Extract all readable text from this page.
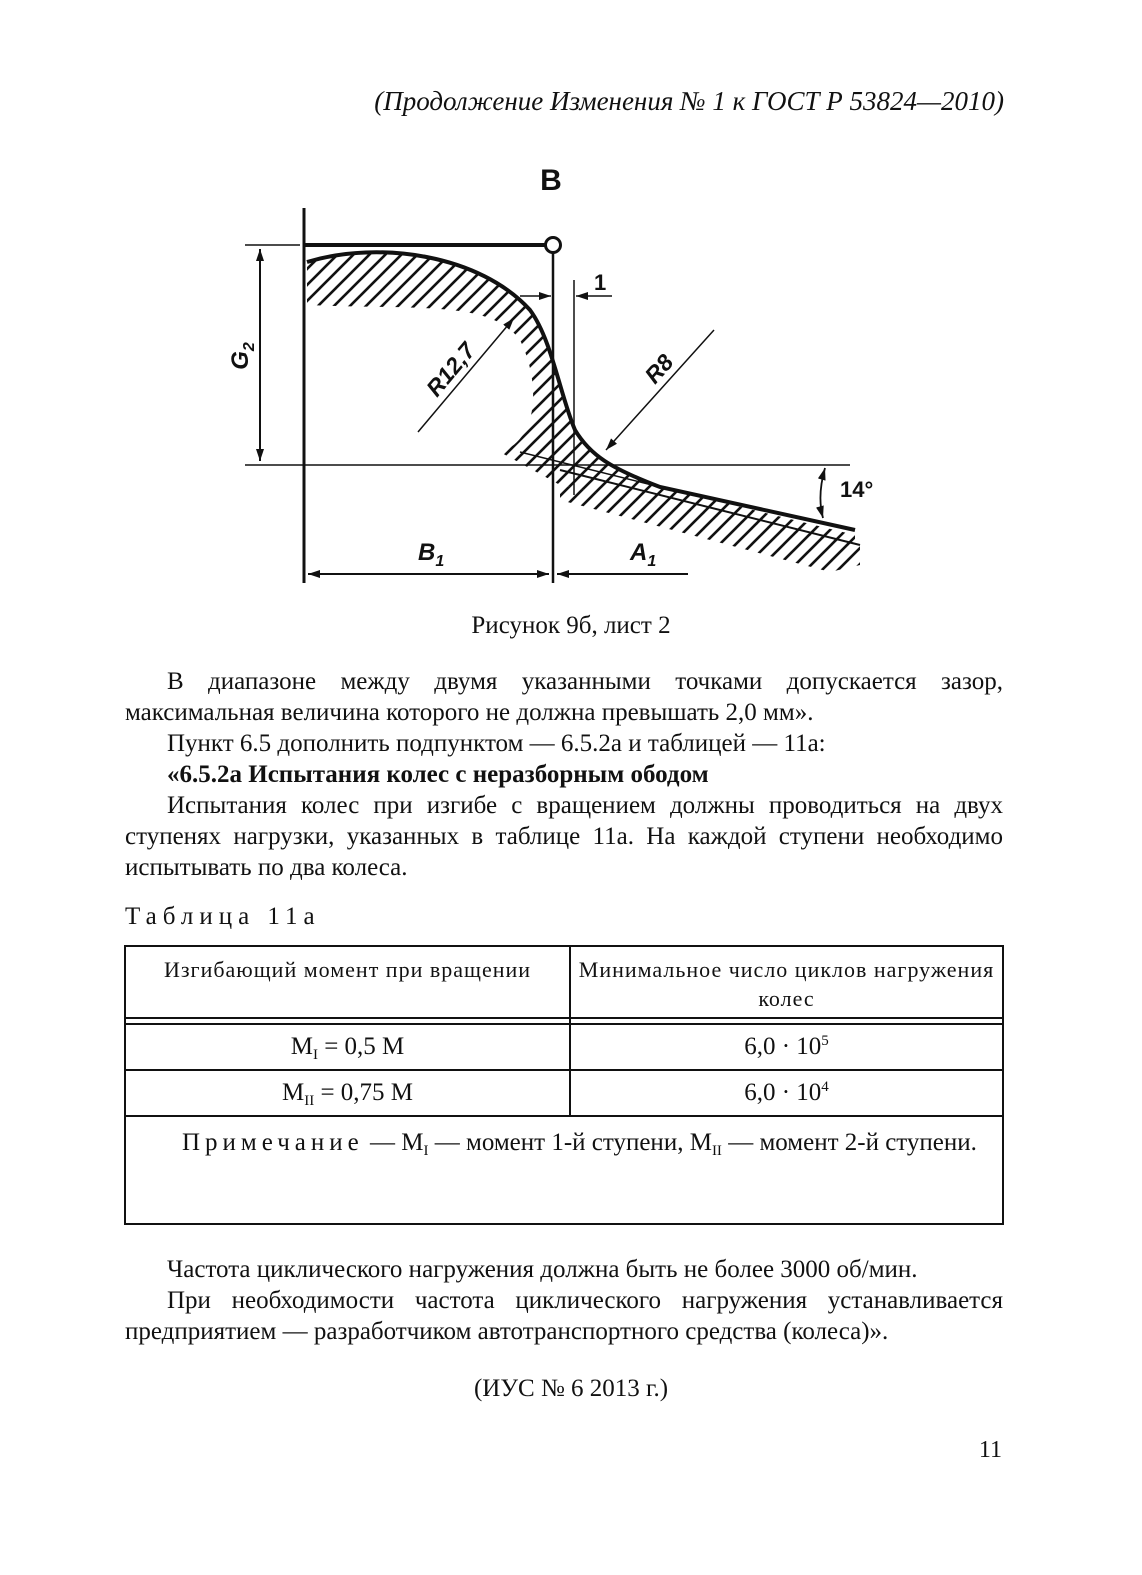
(Продолжение Изменения № 1 к ГОСТ Р 53824—2010)
$G_2$
1
R12,7	R8
14°
$B_1$	$A_1$
B
Рисунок 9б, лист 2

В диапазоне между двумя указанными точками допускается зазор, максимальная величина которого не должна превышать 2,0 мм».

Пункт 6.5 дополнить подпунктом — 6.5.2а и таблицей — 11а:

«6.5.2а Испытания колес с неразборным ободом

Испытания колес при изгибе с вращением должны проводиться на двух ступенях нагрузки, указанных в таблице 11а. На каждой ступени необходимо испытывать по два колеса.

Таблица 11а
Изгибающий момент при вращении	Минимальное число циклов нагружения колес

$M_I = 0,5$ M	$6,0 \cdot 10^5$
$M_{II} = 0,75$ M	$6,0 \cdot 10^4$

Примечание — $M_I$ — момент 1-й ступени, $M_{II}$ — момент 2-й ступени.	

Частота циклического нагружения должна быть не более 3000 об/мин.

При необходимости частота циклического нагружения устанавливается предприятием — разработчиком автотранспортного средства (колеса)».

(ИУС № 6 2013 г.)
11
